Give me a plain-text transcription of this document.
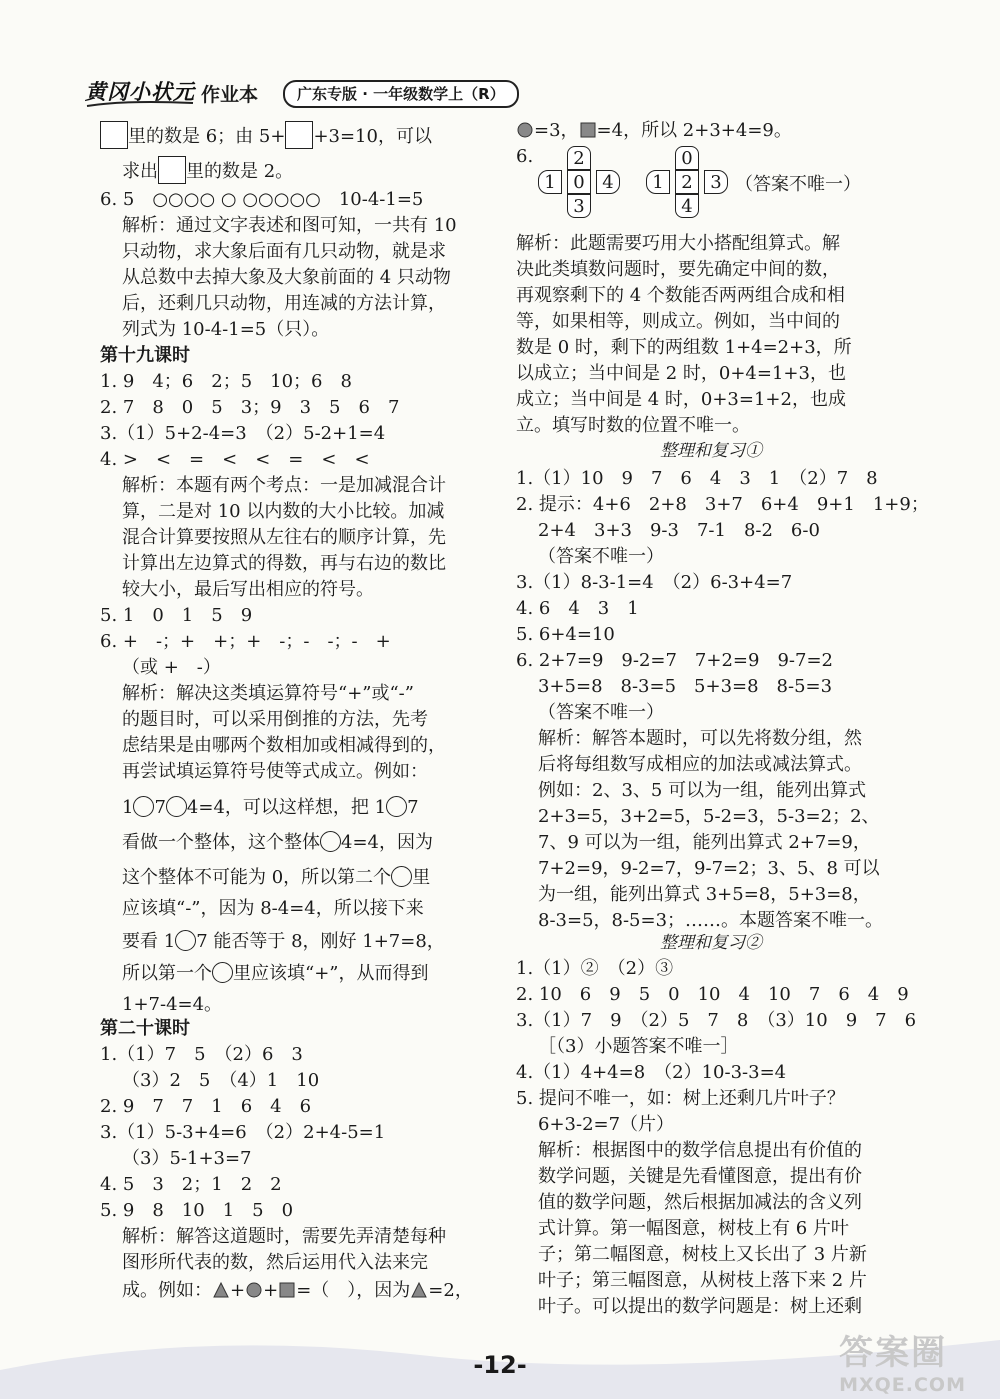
黄冈小状元 作业本	广东专版 · 一年级数学上（R）
里的数是 6；由 5+ +3=10，可以
求出 里的数是 2。
6. 5　○○○○ ○ ○○○○○　10-4-1=5
解析：通过文字表述和图可知，一共有 10
只动物，求大象后面有几只动物，就是求
从总数中去掉大象及大象前面的 4 只动物
后，还剩几只动物，用连减的方法计算，
列式为 10-4-1=5（只）。
第十九课时
1. 9　4；6　2；5　10；6　8
2. 7　8　0　5　3；9　3　5　6　7
3.（1）5+2-4=3　（2）5-2+1=4
4. >　<　=　<　<　=　<　<
解析：本题有两个考点：一是加减混合计
算，二是对 10 以内数的大小比较。加减
混合计算要按照从左往右的顺序计算，先
计算出左边算式的得数，再与右边的数比
较大小，最后写出相应的符号。
5. 1　0　1　5　9
6. +　-；+　+；+　-；-　-；-　+
（或 +　-）
解析：解决这类填运算符号“+”或“-”
的题目时，可以采用倒推的方法，先考
虑结果是由哪两个数相加或相减得到的，
再尝试填运算符号使等式成立。例如：
1 7 4=4，可以这样想，把 1 7
看做一个整体，这个整体 4=4，因为
这个整体不可能为 0，所以第二个 里
应该填“-”，因为 8-4=4，所以接下来
要看 1 7 能否等于 8，刚好 1+7=8，
所以第一个 里应该填“+”，从而得到
1+7-4=4。
第二十课时
1.（1）7　5　（2）6　3
（3）2　5　（4）1　10
2. 9　7　7　1　6　4　6
3.（1）5-3+4=6　（2）2+4-5=1
（3）5-1+3=7
4. 5　3　2；1　2　2
5. 9　8　10　1　5　0
解析：解答这道题时，需要先弄清楚每种
图形所代表的数，然后运用代入法来完
成。例如： + + =（　），因为 =2，
=3， =4，所以 2+3+4=9。
6.
解析：此题需要巧用大小搭配组算式。解
决此类填数问题时，要先确定中间的数，
再观察剩下的 4 个数能否两两组合成和相
等，如果相等，则成立。例如，当中间的
数是 0 时，剩下的两组数 1+4=2+3，所
以成立；当中间是 2 时，0+4=1+3，也
成立；当中间是 4 时，0+3=1+2，也成
立。填写时数的位置不唯一。
整理和复习①
1.（1）10　9　7　6　4　3　1　（2）7　8
2. 提示：4+6　2+8　3+7　6+4　9+1　1+9；
2+4　3+3　9-3　7-1　8-2　6-0
（答案不唯一）
3.（1）8-3-1=4　（2）6-3+4=7
4. 6　4　3　1
5. 6+4=10
6. 2+7=9　9-2=7　7+2=9　9-7=2
3+5=8　8-3=5　5+3=8　8-5=3
（答案不唯一）
解析：解答本题时，可以先将数分组，然
后将每组数写成相应的加法或减法算式。
例如：2、3、5 可以为一组，能列出算式
2+3=5，3+2=5，5-2=3，5-3=2；2、
7、9 可以为一组，能列出算式 2+7=9，
7+2=9，9-2=7，9-7=2；3、5、8 可以
为一组，能列出算式 3+5=8，5+3=8，
8-3=5，8-5=3；……。本题答案不唯一。
整理和复习②
1.（1）②　（2）③
2. 10　6　9　5　0　10　4　10　7　6　4　9
3.（1）7　9　（2）5　7　8　（3）10　9　7　6
［（3）小题答案不唯一］
4.（1）4+4=8　（2）10-3-3=4
5. 提问不唯一，如：树上还剩几片叶子？
6+3-2=7（片）
解析：根据图中的数学信息提出有价值的
数学问题，关键是先看懂图意，提出有价
值的数学问题，然后根据加减法的含义列
式计算。第一幅图意，树枝上有 6 片叶
子；第二幅图意，树枝上又长出了 3 片新
叶子；第三幅图意，从树枝上落下来 2 片
叶子。可以提出的数学问题是：树上还剩
2
1 0 4
3
0
1 2 3
4
（答案不唯一）
-12-	答案圈
MXQE.COM
